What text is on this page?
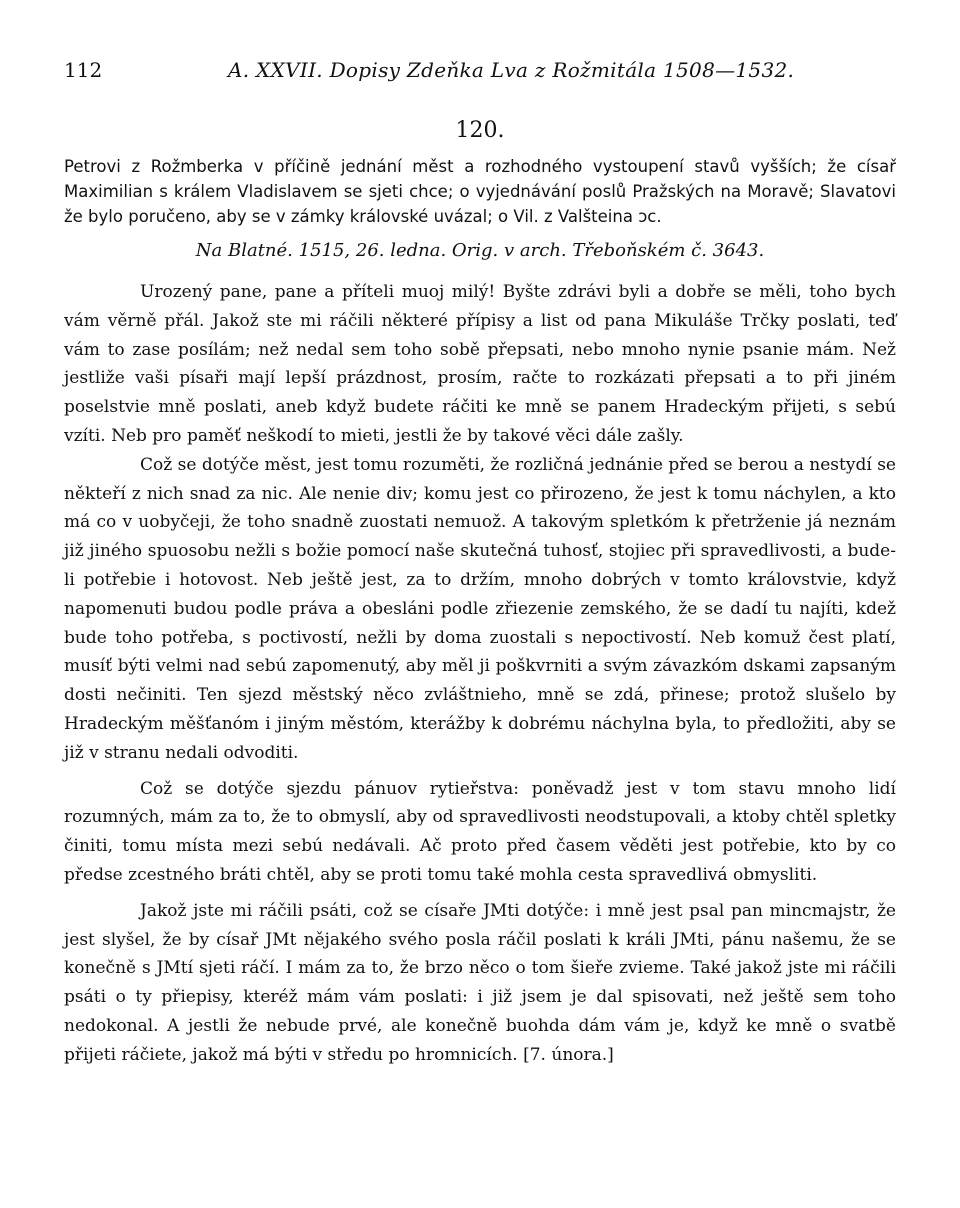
112	A. XXVII. Dopisy Zdeňka Lva z Rožmitála 1508—1532.
120.
Petrovi z Rožmberka v příčině jednání měst a rozhodného vystoupení stavů vyšších; že císař Maximilian s králem Vladislavem se sjeti chce; o vyjednávání poslů Pražských na Moravě; Slavatovi že bylo poručeno, aby se v zámky královské uvázal; o Vil. z Valšteina ɔc.
Na Blatné. 1515, 26. ledna. Orig. v arch. Třeboňském č. 3643.

Urozený pane, pane a příteli muoj milý! Byšte zdrávi byli a dobře se měli, toho bych vám věrně přál. Jakož ste mi ráčili některé přípisy a list od pana Mikuláše Trčky poslati, teď vám to zase posílám; než nedal sem toho sobě přepsati, nebo mnoho nynie psanie mám. Než jestliže vaši písaři mají lepší prázdnost, prosím, račte to rozkázati přepsati a to při jiném poselstvie mně poslati, aneb když budete ráčiti ke mně se panem Hradeckým přijeti, s sebú vzíti. Neb pro paměť neškodí to mieti, jestli že by takové věci dále zašly.

Což se dotýče měst, jest tomu rozuměti, že rozličná jednánie před se berou a nestydí se někteří z nich snad za nic. Ale nenie div; komu jest co přirozeno, že jest k tomu náchylen, a kto má co v uobyčeji, že toho snadně zuostati nemuož. A takovým spletkóm k přetrženie já neznám již jiného spuosobu nežli s božie pomocí naše skutečná tuhosť, stojiec při spravedlivosti, a bude-li potřebie i hotovost. Neb ještě jest, za to držím, mnoho dobrých v tomto královstvie, když napomenuti budou podle práva a obesláni podle zřiezenie zemského, že se dadí tu najíti, kdež bude toho potřeba, s poctivostí, nežli by doma zuostali s nepoctivostí. Neb komuž čest platí, musíť býti velmi nad sebú zapomenutý, aby měl ji poškvrniti a svým závazkóm dskami zapsaným dosti nečiniti. Ten sjezd městský něco zvláštnieho, mně se zdá, přinese; protož slušelo by Hradeckým měšťanóm i jiným městóm, kterážby k dobrému náchylna byla, to předložiti, aby se již v stranu nedali odvoditi.

Což se dotýče sjezdu pánuov rytieřstva: poněvadž jest v tom stavu mnoho lidí rozumných, mám za to, že to obmyslí, aby od spravedlivosti neodstupovali, a ktoby chtěl spletky činiti, tomu místa mezi sebú nedávali. Ač proto před časem věděti jest potřebie, kto by co předse zcestného bráti chtěl, aby se proti tomu také mohla cesta spravedlivá obmysliti.

Jakož jste mi ráčili psáti, což se císaře JMti dotýče: i mně jest psal pan mincmajstr, že jest slyšel, že by císař JMt nějakého svého posla ráčil poslati k králi JMti, pánu našemu, že se konečně s JMtí sjeti ráčí. I mám za to, že brzo něco o tom šieře zvieme. Také jakož jste mi ráčili psáti o ty přiepisy, kteréž mám vám poslati: i již jsem je dal spisovati, než ještě sem toho nedokonal. A jestli že nebude prvé, ale konečně buohda dám vám je, když ke mně o svatbě přijeti ráčiete, jakož má býti v středu po hromnicích. [7. února.]
